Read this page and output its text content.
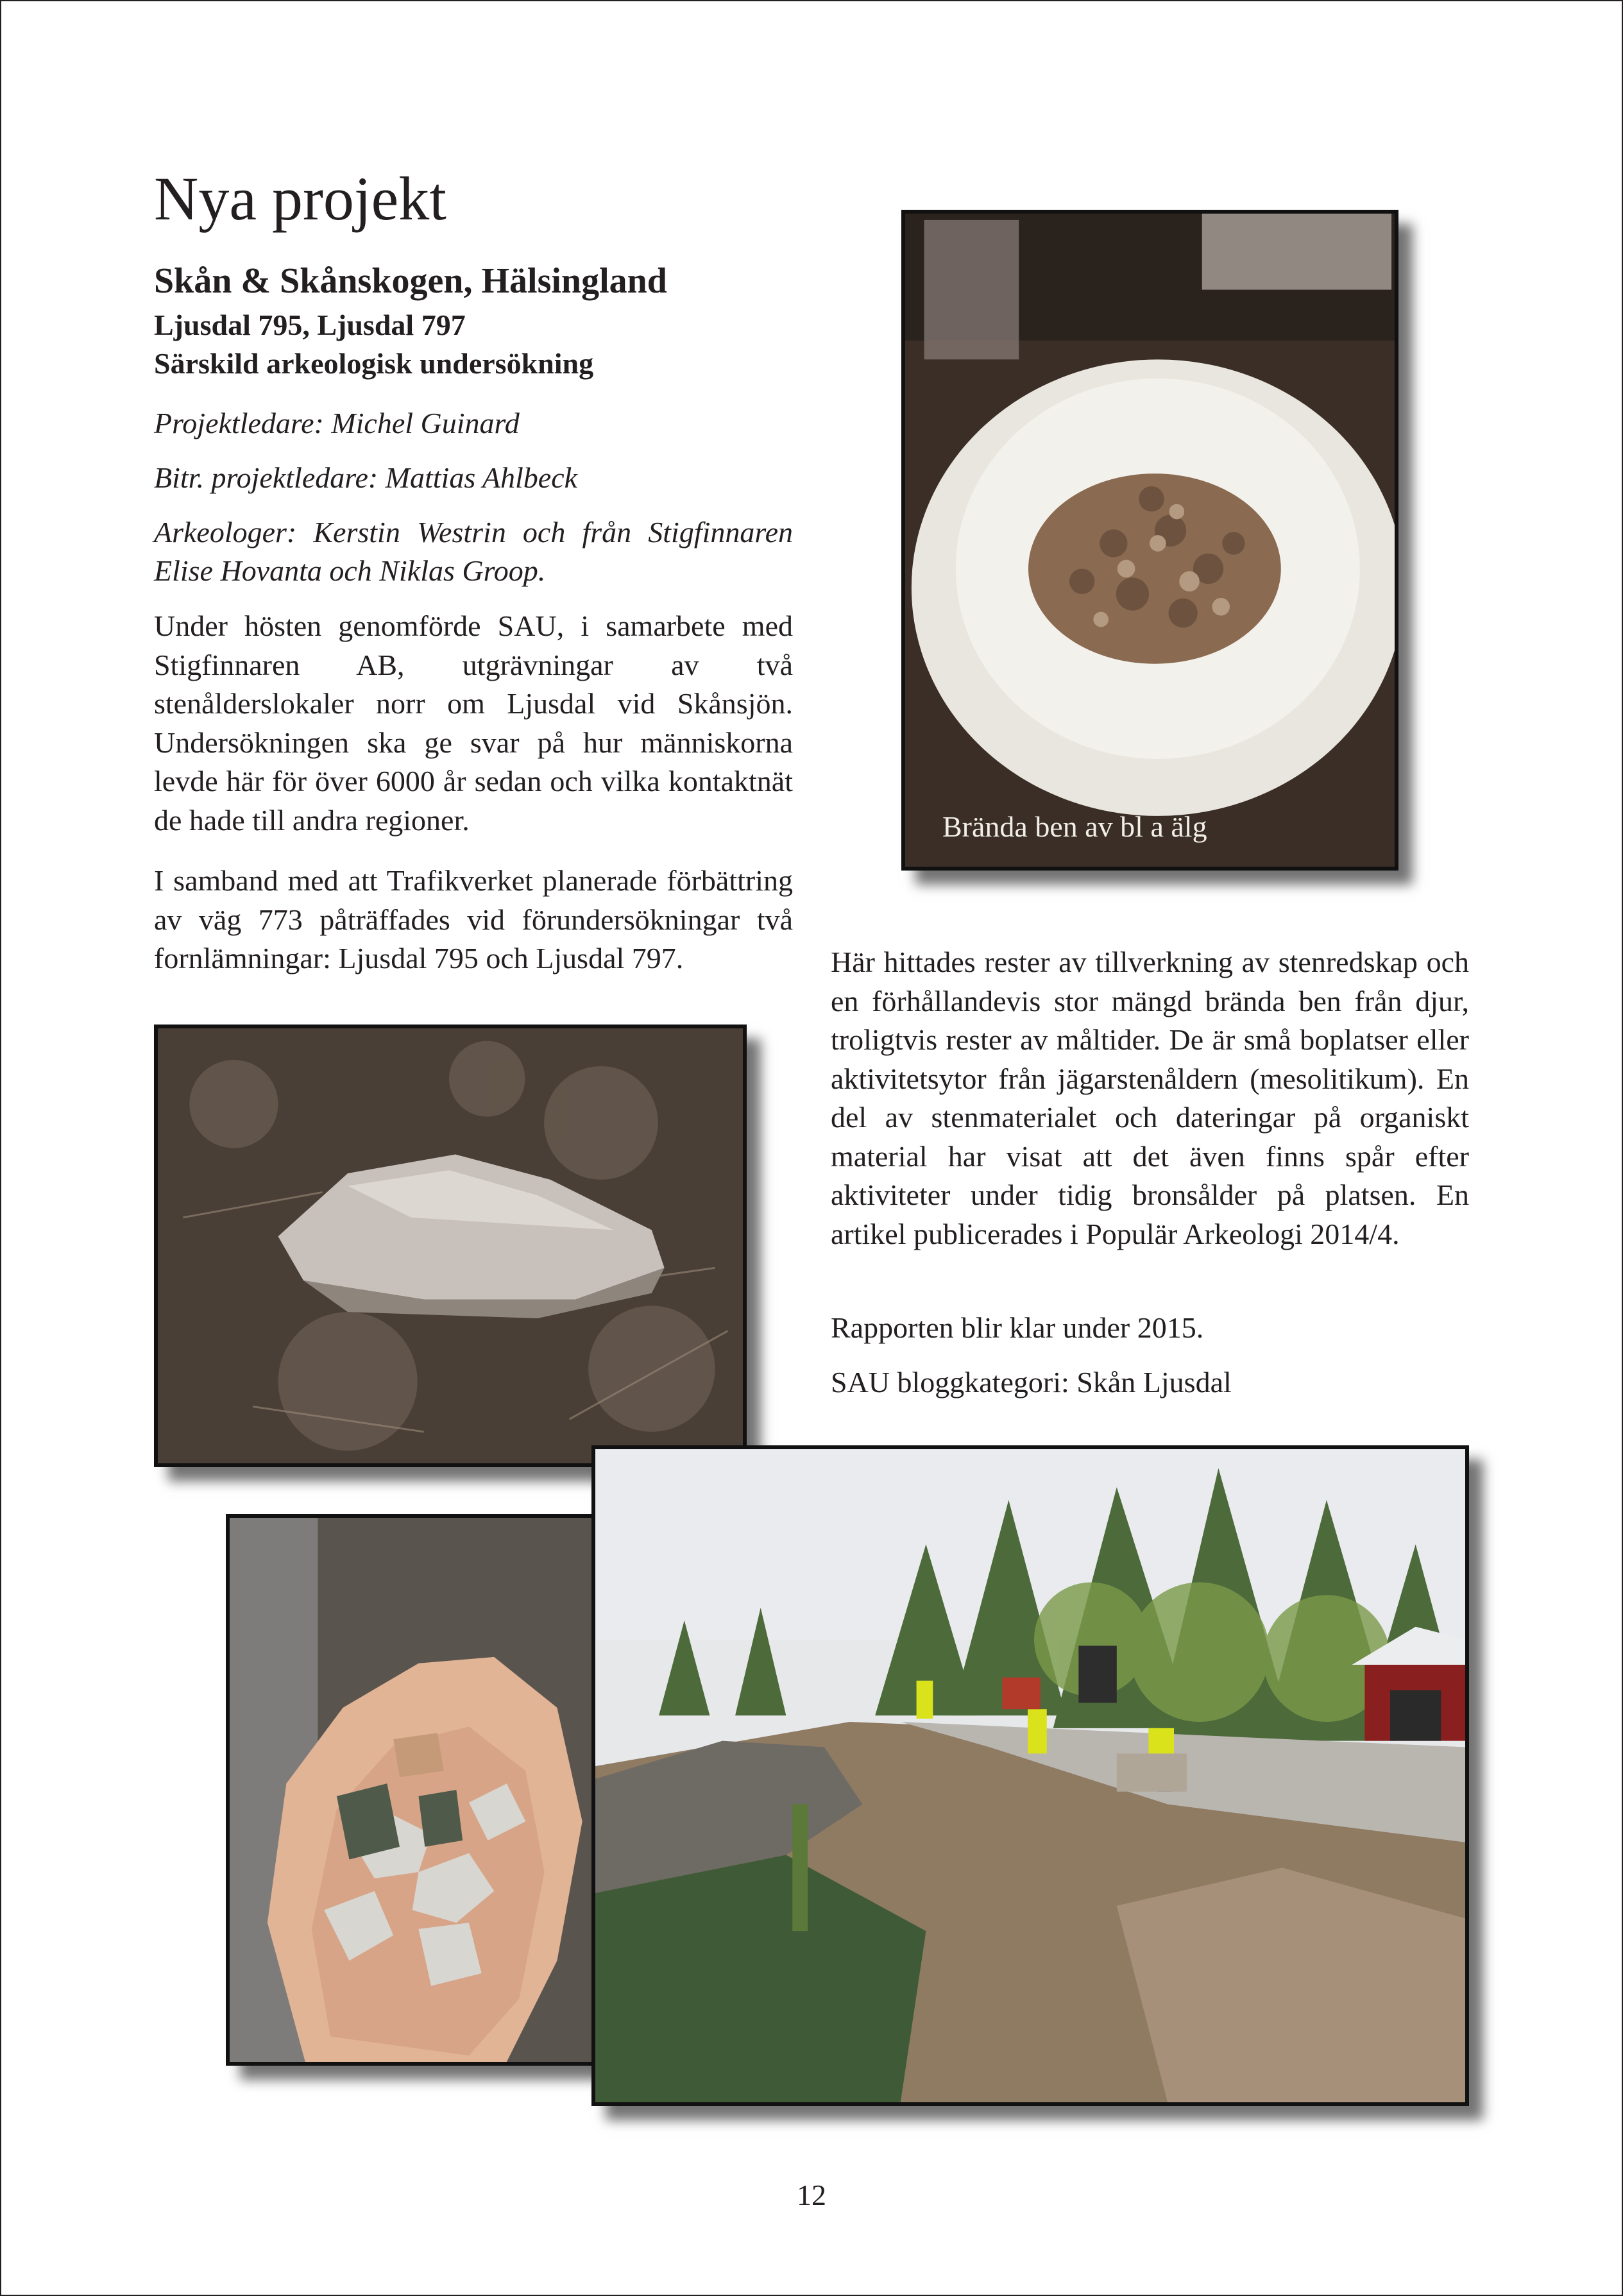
Nya projekt

Skån & Skånskogen, Hälsingland

Ljusdal 795, Ljusdal 797

Särskild arkeologisk undersökning

Projektledare: Michel Guinard

Bitr. projektledare: Mattias Ahlbeck

Arkeologer: Kerstin Westrin och från Stigfinnaren Elise Hovanta och Niklas Groop.

Under hösten genomförde SAU, i samarbete med Stigfinnaren AB, utgrävningar av två stenålderslokaler norr om Ljusdal vid Skånsjön. Undersökningen ska ge svar på hur människorna levde här för över 6000 år sedan och vilka kontaktnät de hade till andra regioner.

I samband med att Trafikverket planerade förbättring av väg 773 påträffades vid förundersökningar två fornlämningar: Ljusdal 795 och Ljusdal 797.	Här hittades rester av tillverkning av stenredskap och en förhållandevis stor mängd brända ben från djur, troligtvis rester av måltider. De är små boplatser eller aktivitetsytor från jägarstenåldern (mesolitikum). En del av stenmaterialet och dateringar på organiskt material har visat att det även finns spår efter aktiviteter under tidig bronsålder på platsen. En artikel publicerades i Populär Arkeologi 2014/4.

Rapporten blir klar under 2015.

SAU bloggkategori: Skån Ljusdal

Brända ben av bl a älg
12
